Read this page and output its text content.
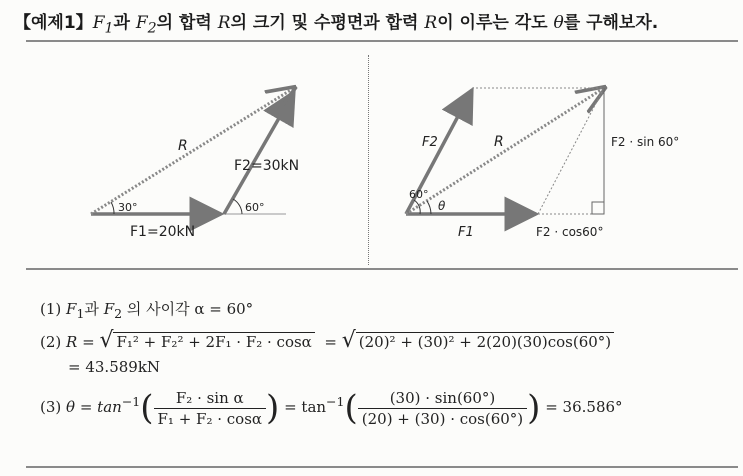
【예제1】$F_1$과 $F_2$의 합력 R의 크기 및 수평면과 합력 R이 이루는 각도 θ를 구해보자.
R
F2=30kN
F1=20kN
30°	60°
F2	R	F2 · sin 60°
60°
θ
F1	F2 · cos60°
(1) $F_1$과 $F_2$ 의 사이각 α = 60°
(2) R = √ F₁² + F₂² + 2F₁ · F₂ · cosα = √ (20)² + (30)² + 2(20)(30)cos(60°)
= 43.589kN
(3) $\theta = \tan^{-1}( \frac{\text{F₂ · sin α}}{\text{F₁ + F₂ · cosα}}$ ) = $\tan^{-1}( \frac{(30) \cdot \sin(60^\circ)}{(20) + (30) \cdot \cos(60^\circ)}$ ) = 36.586°
